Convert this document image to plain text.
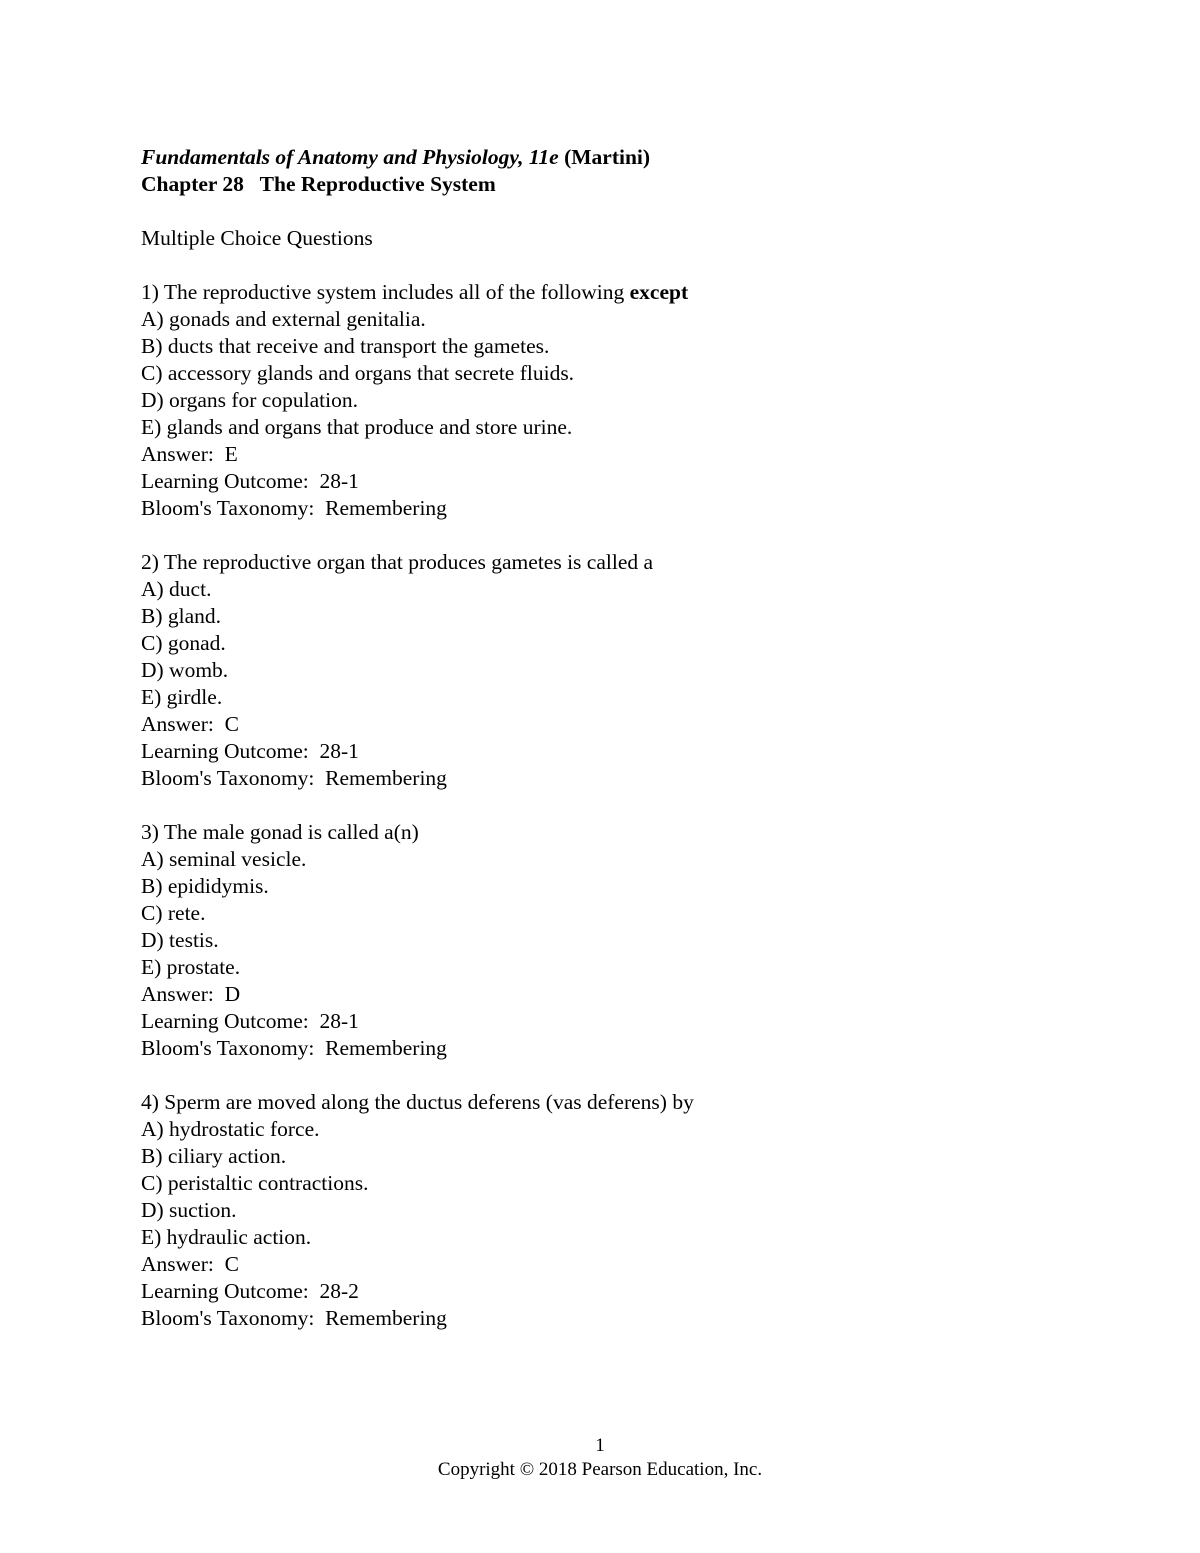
Fundamentals of Anatomy and Physiology, 11e (Martini)
Chapter 28   The Reproductive System
Multiple Choice Questions
1) The reproductive system includes all of the following except
A) gonads and external genitalia.
B) ducts that receive and transport the gametes.
C) accessory glands and organs that secrete fluids.
D) organs for copulation.
E) glands and organs that produce and store urine.
Answer:  E
Learning Outcome:  28-1
Bloom's Taxonomy:  Remembering
2) The reproductive organ that produces gametes is called a
A) duct.
B) gland.
C) gonad.
D) womb.
E) girdle.
Answer:  C
Learning Outcome:  28-1
Bloom's Taxonomy:  Remembering
3) The male gonad is called a(n)
A) seminal vesicle.
B) epididymis.
C) rete.
D) testis.
E) prostate.
Answer:  D
Learning Outcome:  28-1
Bloom's Taxonomy:  Remembering
4) Sperm are moved along the ductus deferens (vas deferens) by
A) hydrostatic force.
B) ciliary action.
C) peristaltic contractions.
D) suction.
E) hydraulic action.
Answer:  C
Learning Outcome:  28-2
Bloom's Taxonomy:  Remembering
1
Copyright © 2018 Pearson Education, Inc.
